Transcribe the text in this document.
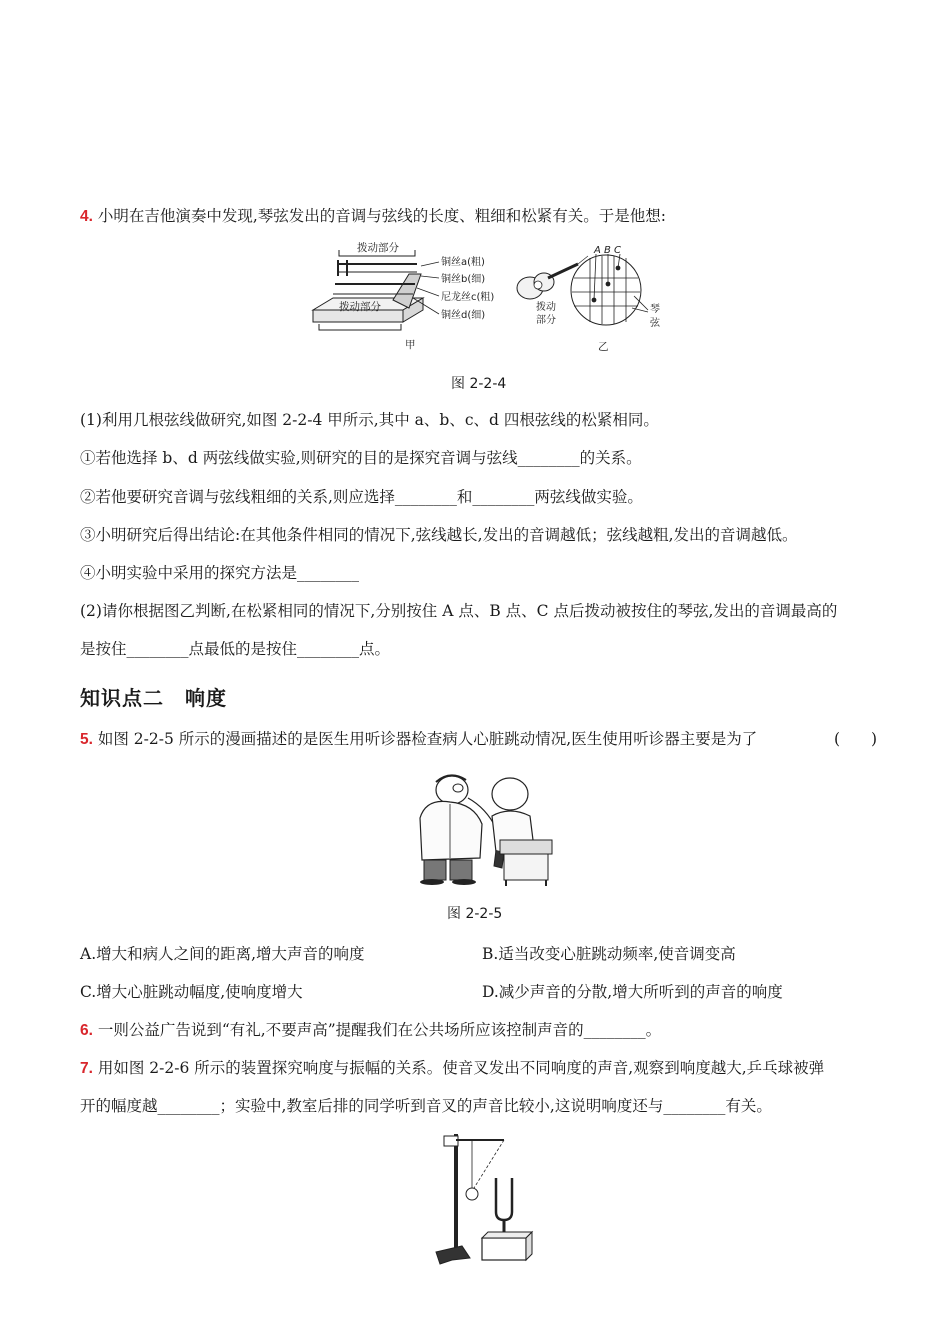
4. 小明在吉他演奏中发现,琴弦发出的音调与弦线的长度、粗细和松紧有关。于是他想:
拨动部分
拨动部分
铜丝a(粗)
铜丝b(细)
尼龙丝c(粗)
铜丝d(细)
甲
A B C
拨动
部分
琴
弦
乙
图 2-2-4
(1)利用几根弦线做研究,如图 2-2-4 甲所示,其中 a、b、c、d 四根弦线的松紧相同。
①若他选择 b、d 两弦线做实验,则研究的目的是探究音调与弦线________的关系。
②若他要研究音调与弦线粗细的关系,则应选择________和________两弦线做实验。
③小明研究后得出结论:在其他条件相同的情况下,弦线越长,发出的音调越低；弦线越粗,发出的音调越低。
④小明实验中采用的探究方法是________
(2)请你根据图乙判断,在松紧相同的情况下,分别按住 A 点、B 点、C 点后拨动被按住的琴弦,发出的音调最高的
是按住________点最低的是按住________点。
知识点二　响度
5. 如图 2-2-5 所示的漫画描述的是医生用听诊器检查病人心脏跳动情况,医生使用听诊器主要是为了	(　　)
图 2-2-5
A.增大和病人之间的距离,增大声音的响度	B.适当改变心脏跳动频率,使音调变高
C.增大心脏跳动幅度,使响度增大	D.减少声音的分散,增大所听到的声音的响度
6. 一则公益广告说到“有礼,不要声高”提醒我们在公共场所应该控制声音的________。
7. 用如图 2-2-6 所示的装置探究响度与振幅的关系。使音叉发出不同响度的声音,观察到响度越大,乒乓球被弹
开的幅度越________；实验中,教室后排的同学听到音叉的声音比较小,这说明响度还与________有关。
